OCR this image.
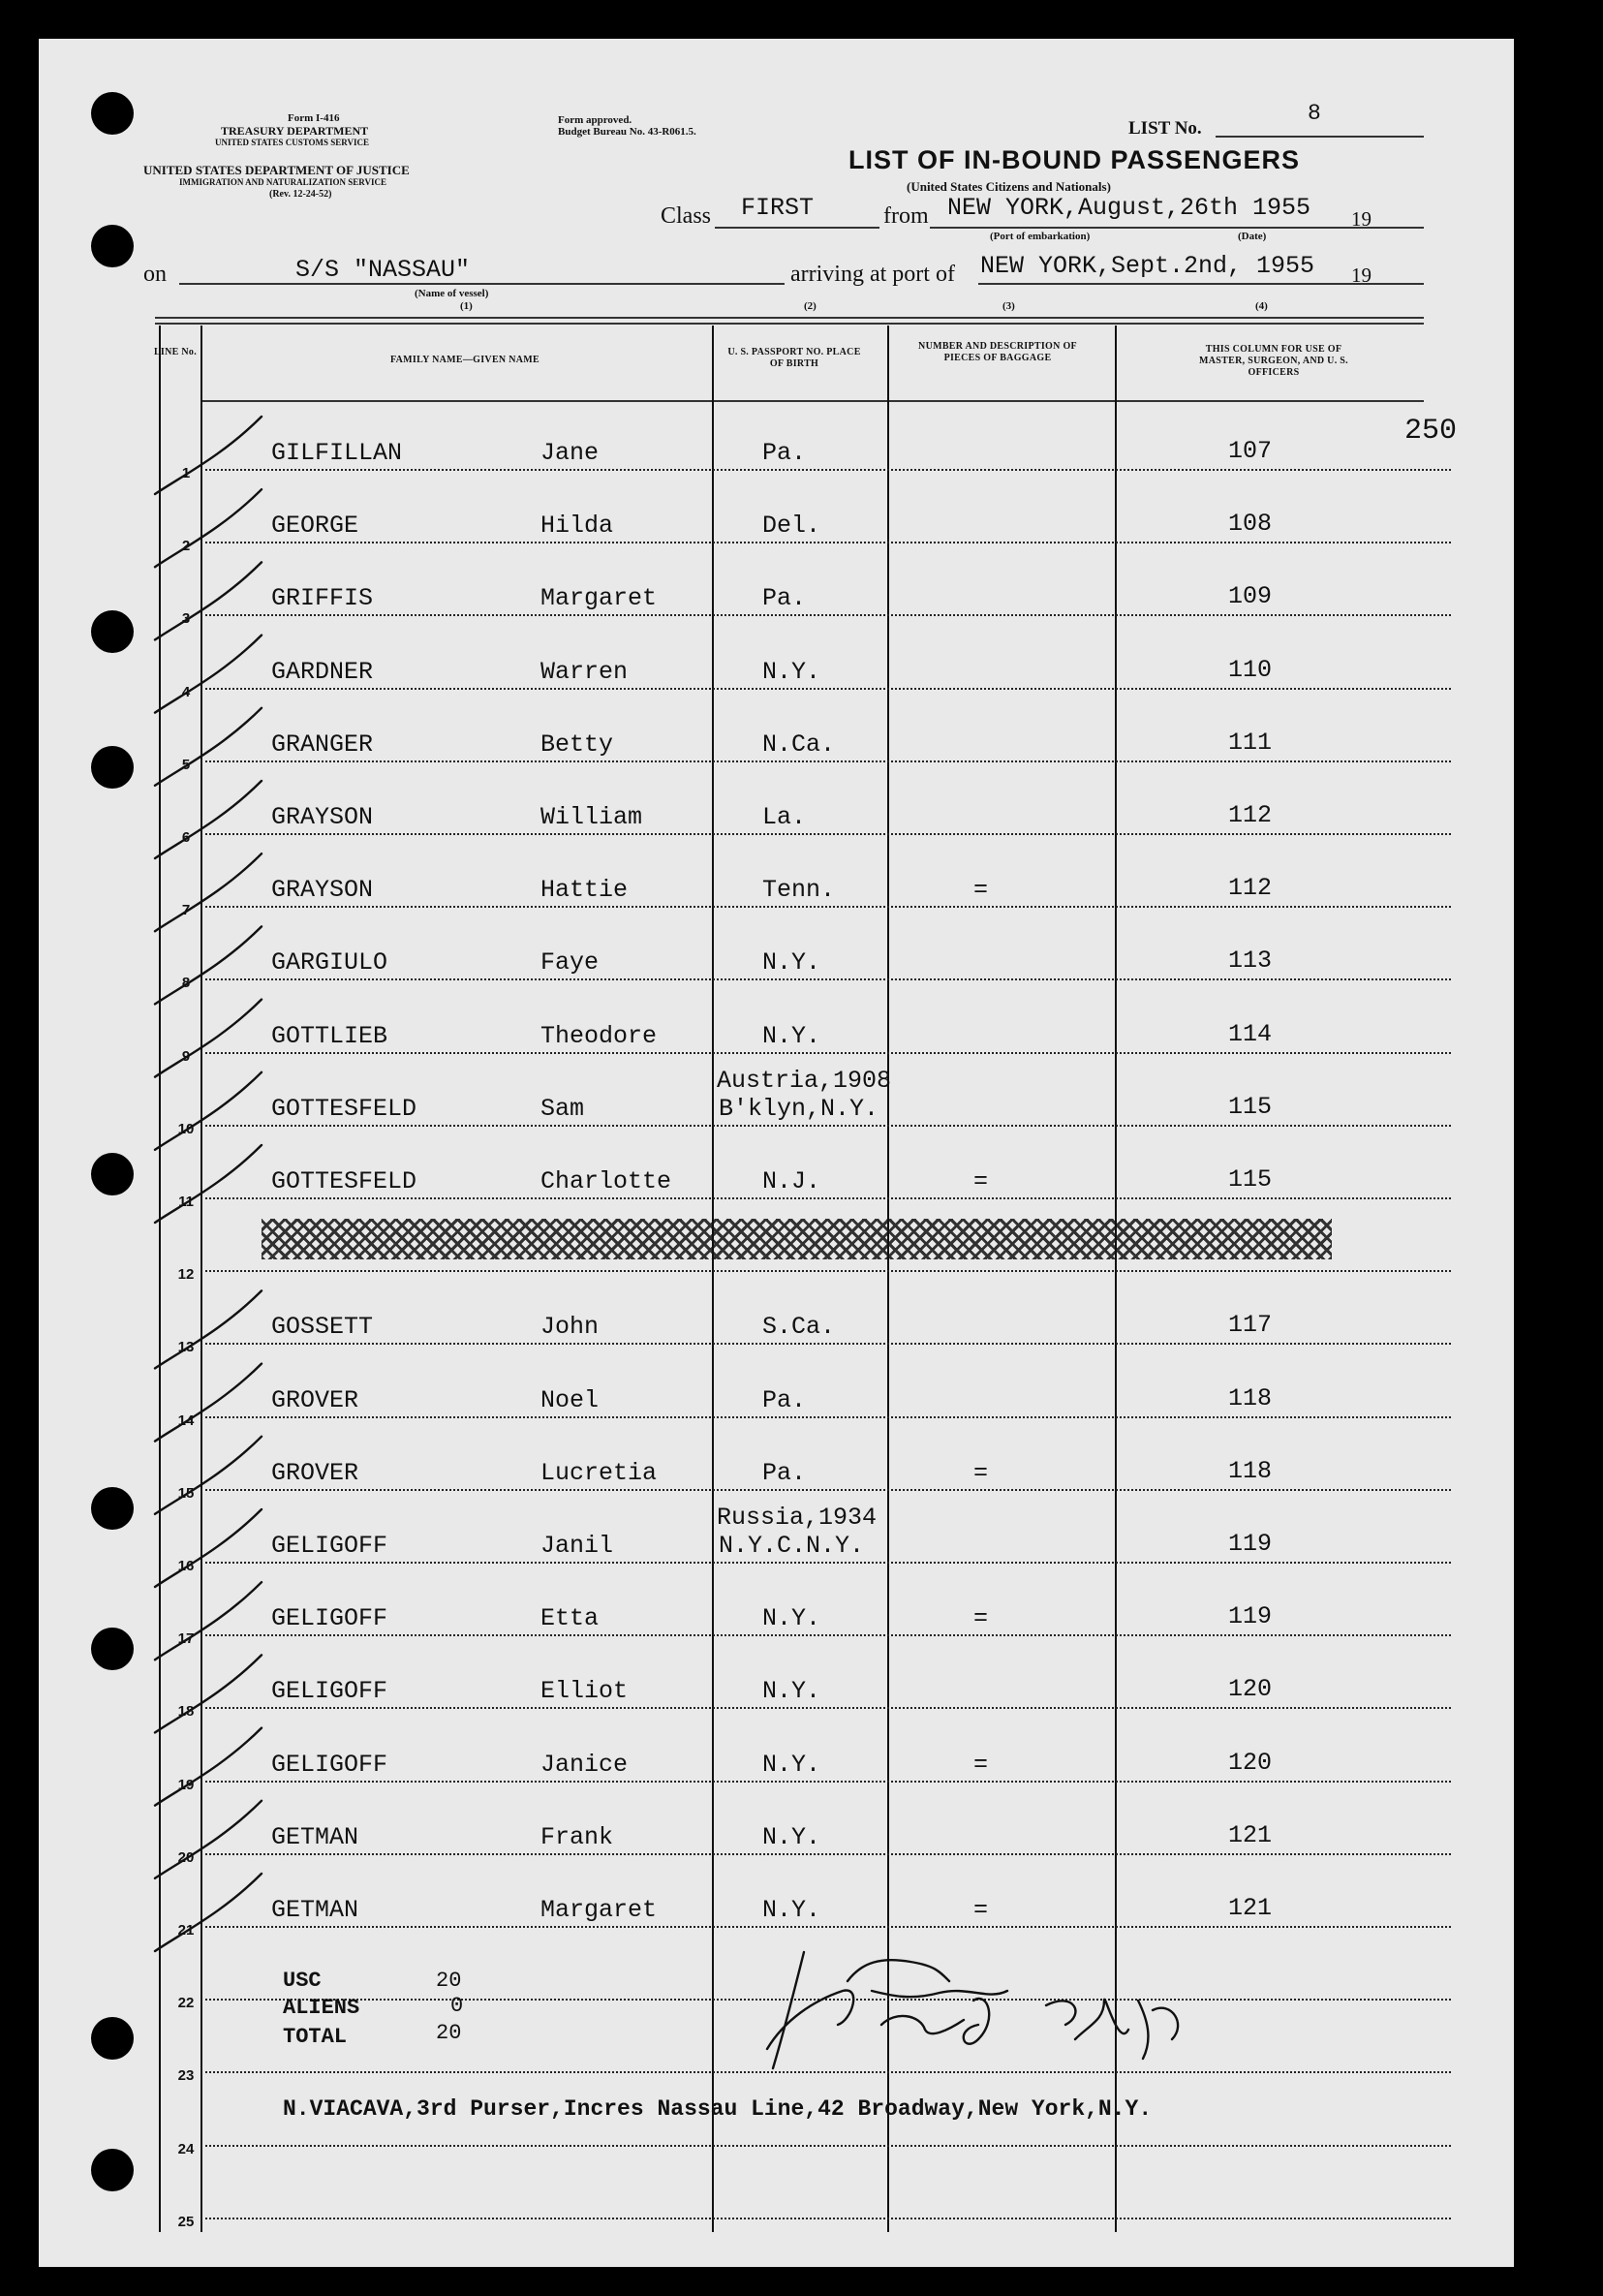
Form I-416
TREASURY DEPARTMENT
UNITED STATES CUSTOMS SERVICE
UNITED STATES DEPARTMENT OF JUSTICE
IMMIGRATION AND NATURALIZATION SERVICE
(Rev. 12-24-52)
Form approved.
Budget Bureau No. 43-R061.5.	LIST No.
8
LIST OF IN-BOUND PASSENGERS
(United States Citizens and Nationals)
Class FIRST	from NEW YORK,August,26th 1955 19
(Port of embarkation)	(Date)
on	S/S "NASSAU"
(Name of vessel)
(1)
arriving at port of NEW YORK,Sept.2nd, 1955 19
(2)	(3)	(4)
LINE No.
FAMILY NAME—GIVEN NAME
U. S. PASSPORT NO. PLACE OF BIRTH
NUMBER AND DESCRIPTION OF PIECES OF BAGGAGE
THIS COLUMN FOR USE OF MASTER, SURGEON, AND U. S. OFFICERS
250
1
GILFILLAN	Jane	Pa.	107
2
GEORGE	Hilda	Del.	108
3
GRIFFIS	Margaret	Pa.	109
4
GARDNER	Warren	N.Y.	110
5
GRANGER	Betty	N.Ca.	111
6
GRAYSON	William	La.	112
7
GRAYSON	Hattie	Tenn.	=	112
8
GARGIULO	Faye	N.Y.	113
9
GOTTLIEB	Theodore	N.Y.	114
10
GOTTESFELD	Sam
Austria,1908
B'klyn,N.Y.	115
11
GOTTESFELD	Charlotte	N.J.	=	115
12
13
GOSSETT	John	S.Ca.	117
14
GROVER	Noel	Pa.	118
15
GROVER	Lucretia	Pa.	=	118
16
GELIGOFF	Janil
Russia,1934
N.Y.C.N.Y.	119
17
GELIGOFF	Etta	N.Y.	=	119
18
GELIGOFF	Elliot	N.Y.	120
19
GELIGOFF	Janice	N.Y.	=	120
20
GETMAN	Frank	N.Y.	121
21
GETMAN	Margaret	N.Y.	=	121
22
23
24
25
USC	20
ALIENS	0
TOTAL	20
N.VIACAVA,3rd Purser,Incres Nassau Line,42 Broadway,New York,N.Y.
